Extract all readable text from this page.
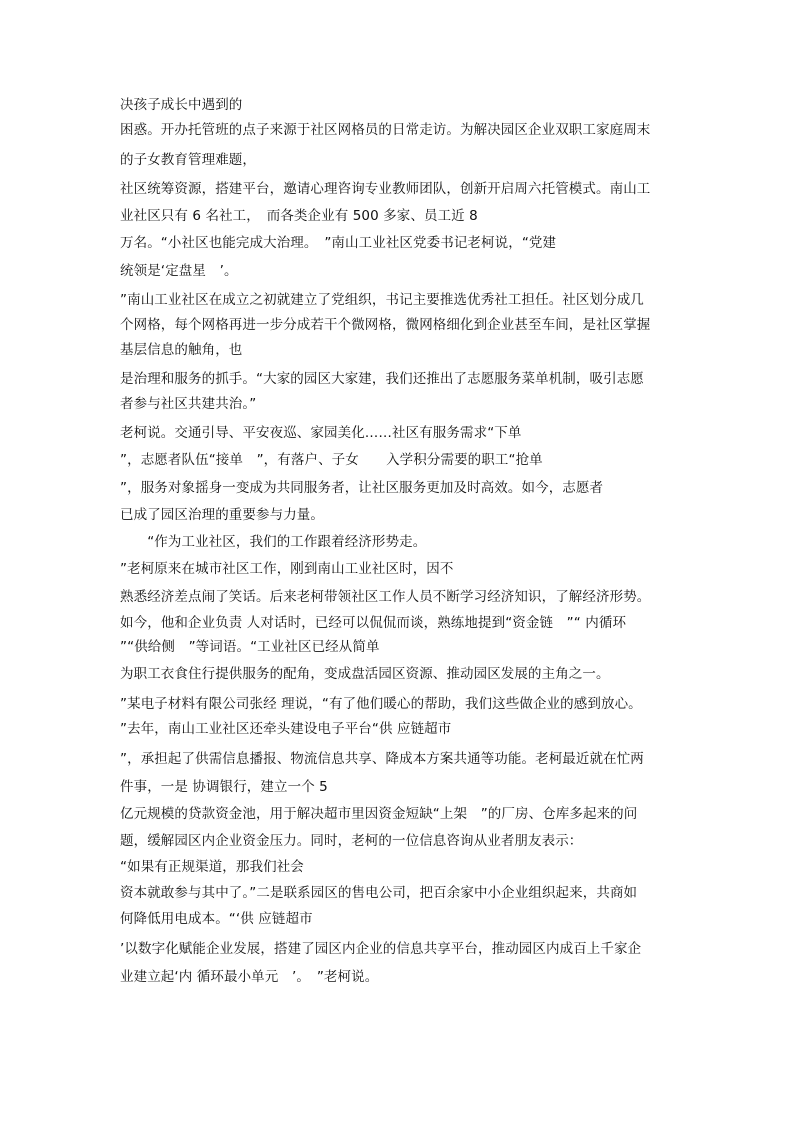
决孩子成长中遇到的
困惑。开办托管班的点子来源于社区网格员的日常走访。为解决园区企业双职工家庭周末
的子女教育管理难题，
社区统筹资源，搭建平台，邀请心理咨询专业教师团队，创新开启周六托管模式。南山工
业社区只有 6 名社工，　而各类企业有 500 多家、员工近 8
万名。“小社区也能完成大治理。　”南山工业社区党委书记老柯说，“党建
统领是‘定盘星　’。
”南山工业社区在成立之初就建立了党组织，书记主要推选优秀社工担任。社区划分成几
个网格，每个网格再进一步分成若干个微网格，微网格细化到企业甚至车间，是社区掌握
基层信息的触角，也
是治理和服务的抓手。“大家的园区大家建，我们还推出了志愿服务菜单机制，吸引志愿
者参与社区共建共治。”
老柯说。交通引导、平安夜巡、家园美化……社区有服务需求“下单
”，志愿者队伍“接单　”，有落户、子女　　入学积分需要的职工“抢单
”，服务对象摇身一变成为共同服务者，让社区服务更加及时高效。如今，志愿者
已成了园区治理的重要参与力量。
　　“作为工业社区，我们的工作跟着经济形势走。
”老柯原来在城市社区工作，刚到南山工业社区时，因不
熟悉经济差点闹了笑话。后来老柯带领社区工作人员不断学习经济知识，了解经济形势。
如今，他和企业负责 人对话时，已经可以侃侃而谈，熟练地提到“资金链　”“ 内循环
”“供给侧　”等词语。“工业社区已经从简单
为职工衣食住行提供服务的配角，变成盘活园区资源、推动园区发展的主角之一。
”某电子材料有限公司张经 理说，“有了他们暖心的帮助，我们这些做企业的感到放心。
”去年，南山工业社区还牵头建设电子平台“供 应链超市
”，承担起了供需信息播报、物流信息共享、降成本方案共通等功能。老柯最近就在忙两
件事，一是 协调银行，建立一个 5
亿元规模的贷款资金池，用于解决超市里因资金短缺“上架　”的厂房、仓库多起来的问
题，缓解园区内企业资金压力。同时，老柯的一位信息咨询从业者朋友表示：
“如果有正规渠道，那我们社会
资本就敢参与其中了。”二是联系园区的售电公司，把百余家中小企业组织起来，共商如
何降低用电成本。“‘供 应链超市
’以数字化赋能企业发展，搭建了园区内企业的信息共享平台，推动园区内成百上千家企
业建立起‘内 循环最小单元　’。　”老柯说。
